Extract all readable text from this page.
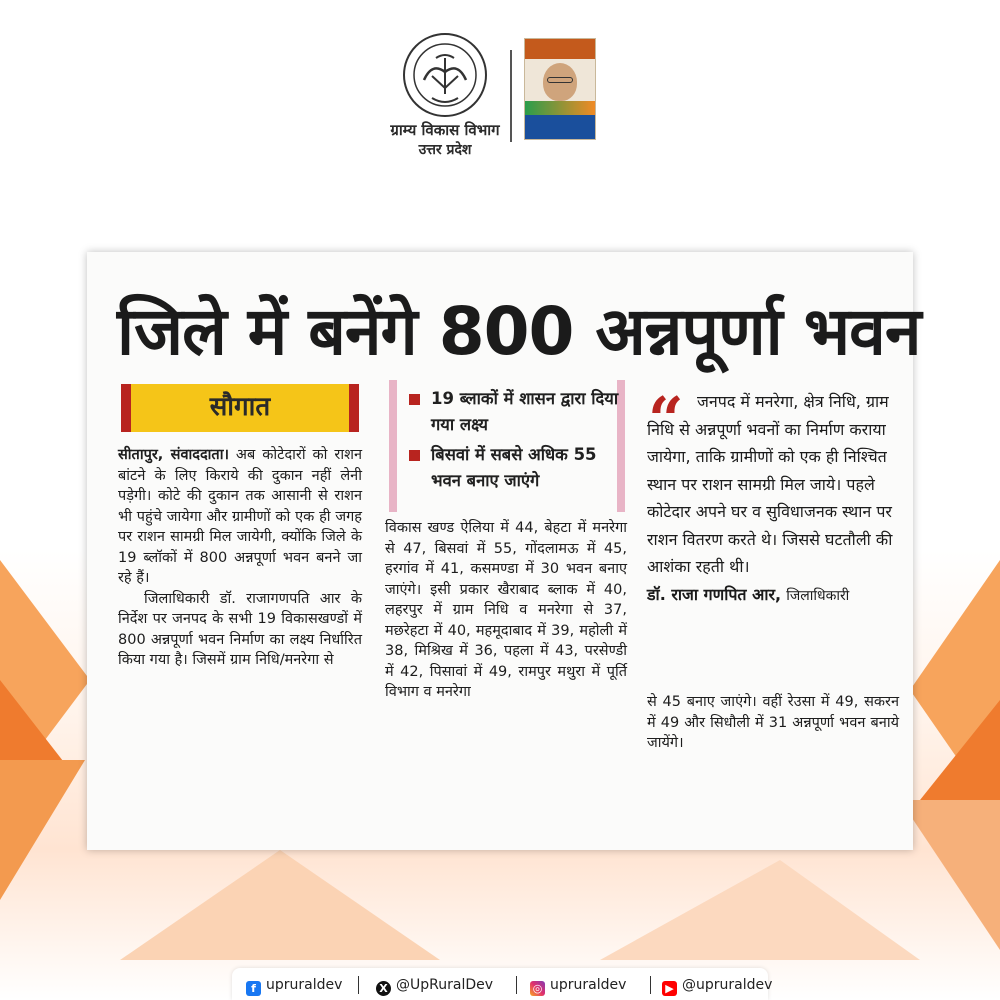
ग्राम्य विकास विभाग
उत्तर प्रदेश
जिले में बनेंगे 800 अन्नपूर्णा भवन
सौगात	19 ब्लाकों में शासन द्वारा दिया गया लक्ष्य
बिसवां में सबसे अधिक 55 भवन बनाए जाएंगे

सीतापुर, संवाददाता। अब कोटेदारों को राशन बांटने के लिए किराये की दुकान नहीं लेनी पड़ेगी। कोटे की दुकान तक आसानी से राशन भी पहुंचे जायेगा और ग्रामीणों को एक ही जगह पर राशन सामग्री मिल जायेगी, क्योंकि जिले के 19 ब्लॉकों में 800 अन्नपूर्णा भवन बनने जा रहे हैं।

जिलाधिकारी डॉ. राजागणपति आर के निर्देश पर जनपद के सभी 19 विकासखण्डों में 800 अन्नपूर्णा भवन निर्माण का लक्ष्य निर्धारित किया गया है। जिसमें ग्राम निधि/मनरेगा से

विकास खण्ड ऐलिया में 44, बेहटा में मनरेगा से 47, बिसवां में 55, गोंदलामऊ में 45, हरगांव में 41, कसमण्डा में 30 भवन बनाए जाएंगे। इसी प्रकार खैराबाद ब्लाक में 40, लहरपुर में ग्राम निधि व मनरेगा से 37, मछरेहटा में 40, महमूदाबाद में 39, महोली में 38, मिश्रिख में 36, पहला में 43, परसेण्डी में 42, पिसावां में 49, रामपुर मथुरा में पूर्ति विभाग व मनरेगा

“	जनपद में मनरेगा, क्षेत्र निधि, ग्राम निधि से अन्नपूर्णा भवनों का निर्माण कराया जायेगा, ताकि ग्रामीणों को एक ही निश्चित स्थान पर राशन सामग्री मिल जाये। पहले कोटेदार अपने घर व सुविधाजनक स्थान पर राशन वितरण करते थे। जिससे घटतौली की आशंका रहती थी।

डॉ. राजा गणपित आर, जिलाधिकारी

से 45 बनाए जाएंगे। वहीं रेउसा में 49, सकरन में 49 और सिधौली में 31 अन्नपूर्णा भवन बनाये जायेंगे।

f upruraldev	X @UpRuralDev	◎ upruraldev	▶ @upruraldev
